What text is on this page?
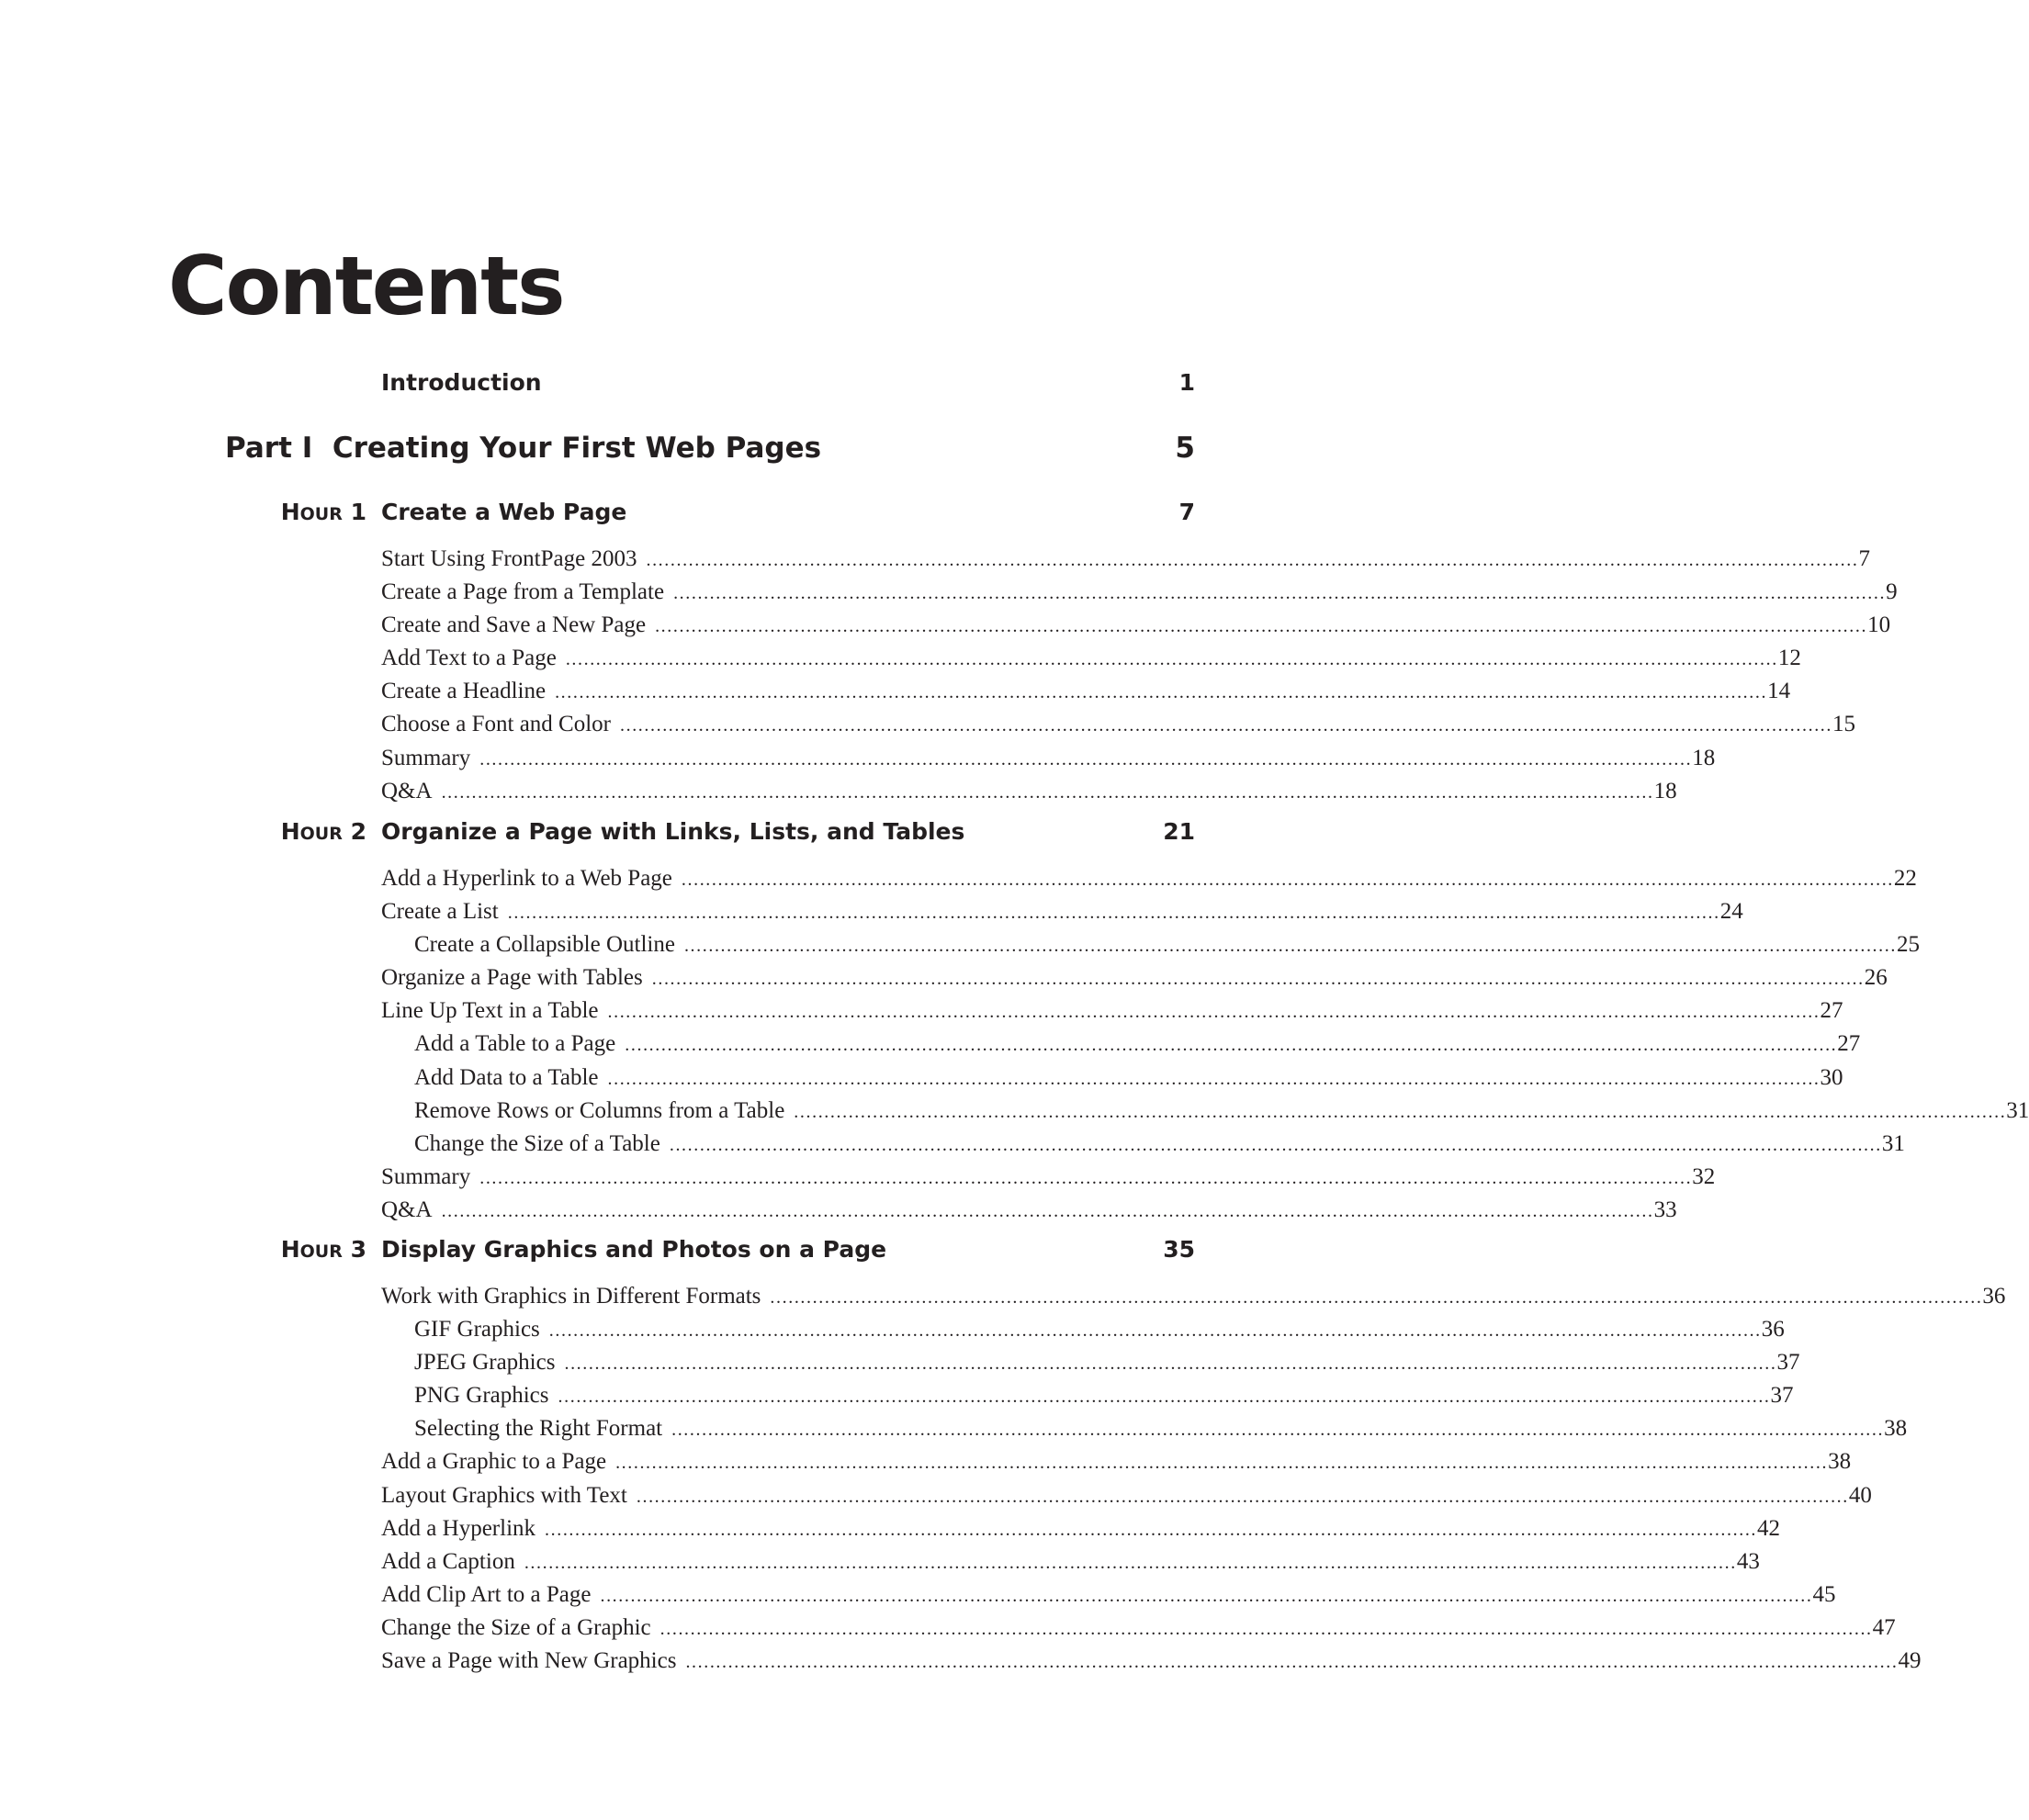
Contents
Introduction	1
Part I  Creating Your First Web Pages	5
HOUR 1 Create a Web Page	7
Start Using FrontPage 2003 ........................................................................................................................................................................................................ 7
Create a Page from a Template ........................................................................................................................................................................................................ 9
Create and Save a New Page ........................................................................................................................................................................................................ 10
Add Text to a Page ........................................................................................................................................................................................................ 12
Create a Headline ........................................................................................................................................................................................................ 14
Choose a Font and Color ........................................................................................................................................................................................................ 15
Summary ........................................................................................................................................................................................................ 18
Q&A ........................................................................................................................................................................................................ 18
HOUR 2 Organize a Page with Links, Lists, and Tables	21
Add a Hyperlink to a Web Page ........................................................................................................................................................................................................ 22
Create a List ........................................................................................................................................................................................................ 24
Create a Collapsible Outline ........................................................................................................................................................................................................ 25
Organize a Page with Tables ........................................................................................................................................................................................................ 26
Line Up Text in a Table ........................................................................................................................................................................................................ 27
Add a Table to a Page ........................................................................................................................................................................................................ 27
Add Data to a Table ........................................................................................................................................................................................................ 30
Remove Rows or Columns from a Table ........................................................................................................................................................................................................ 31
Change the Size of a Table ........................................................................................................................................................................................................ 31
Summary ........................................................................................................................................................................................................ 32
Q&A ........................................................................................................................................................................................................ 33
HOUR 3 Display Graphics and Photos on a Page	35
Work with Graphics in Different Formats ........................................................................................................................................................................................................ 36
GIF Graphics ........................................................................................................................................................................................................ 36
JPEG Graphics ........................................................................................................................................................................................................ 37
PNG Graphics ........................................................................................................................................................................................................ 37
Selecting the Right Format ........................................................................................................................................................................................................ 38
Add a Graphic to a Page ........................................................................................................................................................................................................ 38
Layout Graphics with Text ........................................................................................................................................................................................................ 40
Add a Hyperlink ........................................................................................................................................................................................................ 42
Add a Caption ........................................................................................................................................................................................................ 43
Add Clip Art to a Page ........................................................................................................................................................................................................ 45
Change the Size of a Graphic ........................................................................................................................................................................................................ 47
Save a Page with New Graphics ........................................................................................................................................................................................................ 49
